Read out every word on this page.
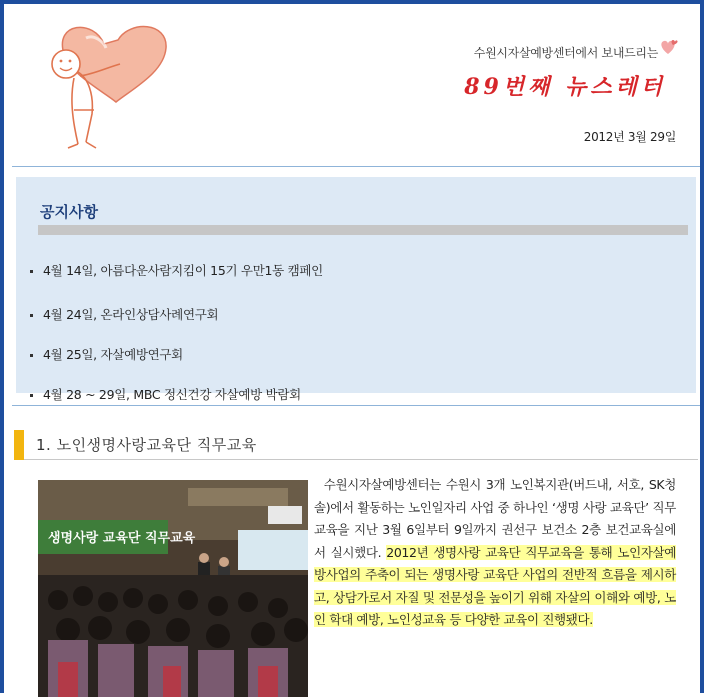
수원시자살예방센터에서 보내드리는
89번째 뉴스레터
2012년 3월 29일
공지사항
4월 14일, 아름다운사람지킴이 15기 우만1동 캠페인
4월 24일, 온라인상담사례연구회
4월 25일, 자살예방연구회
4월 28 ~ 29일, MBC 정신건강 자살예방 박람회
1. 노인생명사랑교육단 직무교육
생명사랑 교육단 직무교육
수원시자살예방센터는 수원시 3개 노인복지관(버드내, 서호, SK청솔)에서 활동하는 노인일자리 사업 중 하나인 ‘생명 사랑 교육단’ 직무교육을 지난 3월 6일부터 9일까지 권선구 보건소 2층 보건교육실에서 실시했다. 2012년 생명사랑 교육단 직무교육을 통해 노인자살예방사업의 주축이 되는 생명사랑 교육단 사업의 전반적 흐름을 제시하고, 상담가로서 자질 및 전문성을 높이기 위해 자살의 이해와 예방, 노인 학대 예방, 노인성교육 등 다양한 교육이 진행됐다.
